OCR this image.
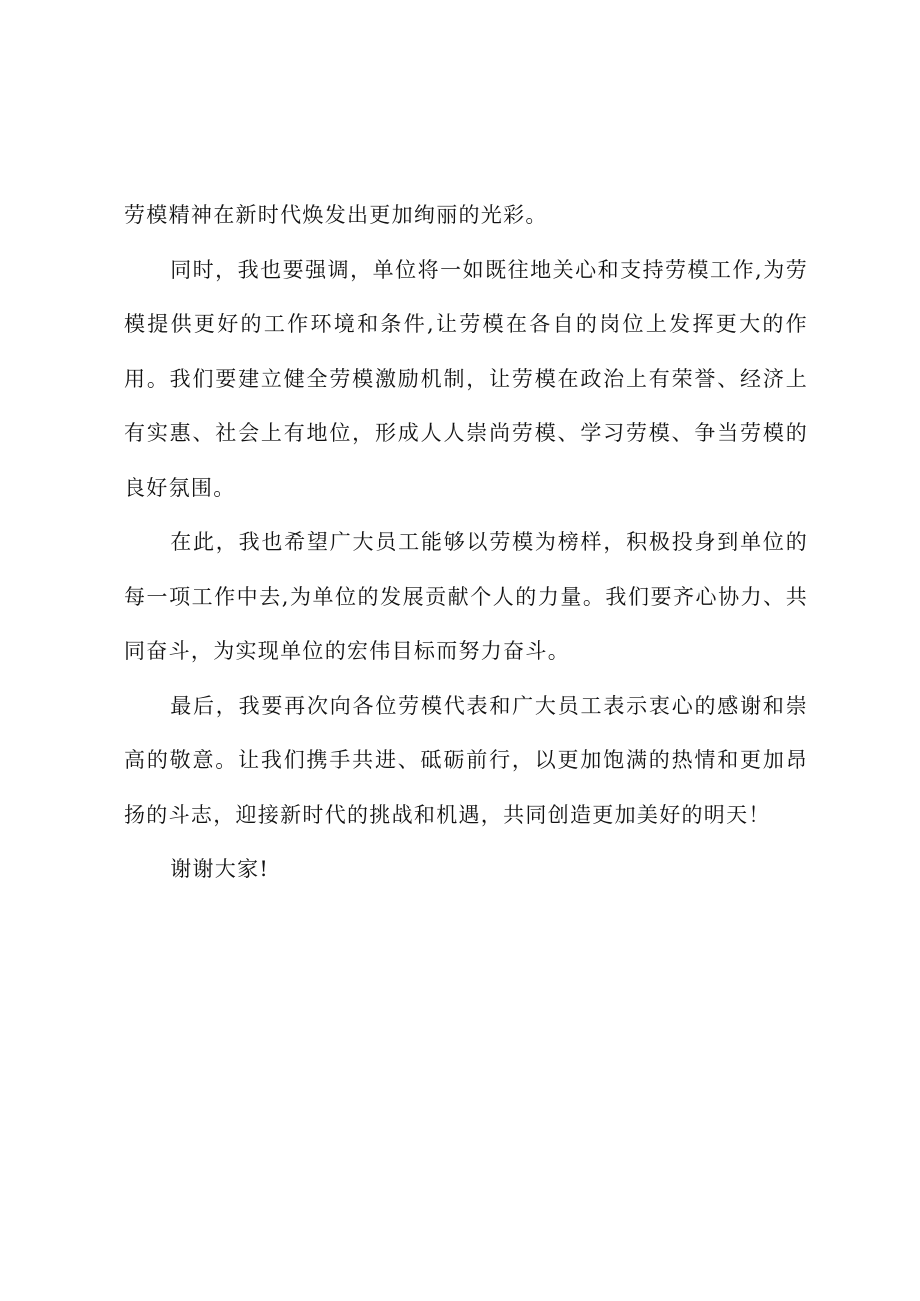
劳模精神在新时代焕发出更加绚丽的光彩。

同时，我也要强调，单位将一如既往地关心和支持劳模工作,为劳模提供更好的工作环境和条件,让劳模在各自的岗位上发挥更大的作用。我们要建立健全劳模激励机制，让劳模在政治上有荣誉、经济上有实惠、社会上有地位，形成人人崇尚劳模、学习劳模、争当劳模的良好氛围。

在此，我也希望广大员工能够以劳模为榜样，积极投身到单位的每一项工作中去,为单位的发展贡献个人的力量。我们要齐心协力、共同奋斗，为实现单位的宏伟目标而努力奋斗。

最后，我要再次向各位劳模代表和广大员工表示衷心的感谢和崇高的敬意。让我们携手共进、砥砺前行，以更加饱满的热情和更加昂扬的斗志，迎接新时代的挑战和机遇，共同创造更加美好的明天！

谢谢大家!
